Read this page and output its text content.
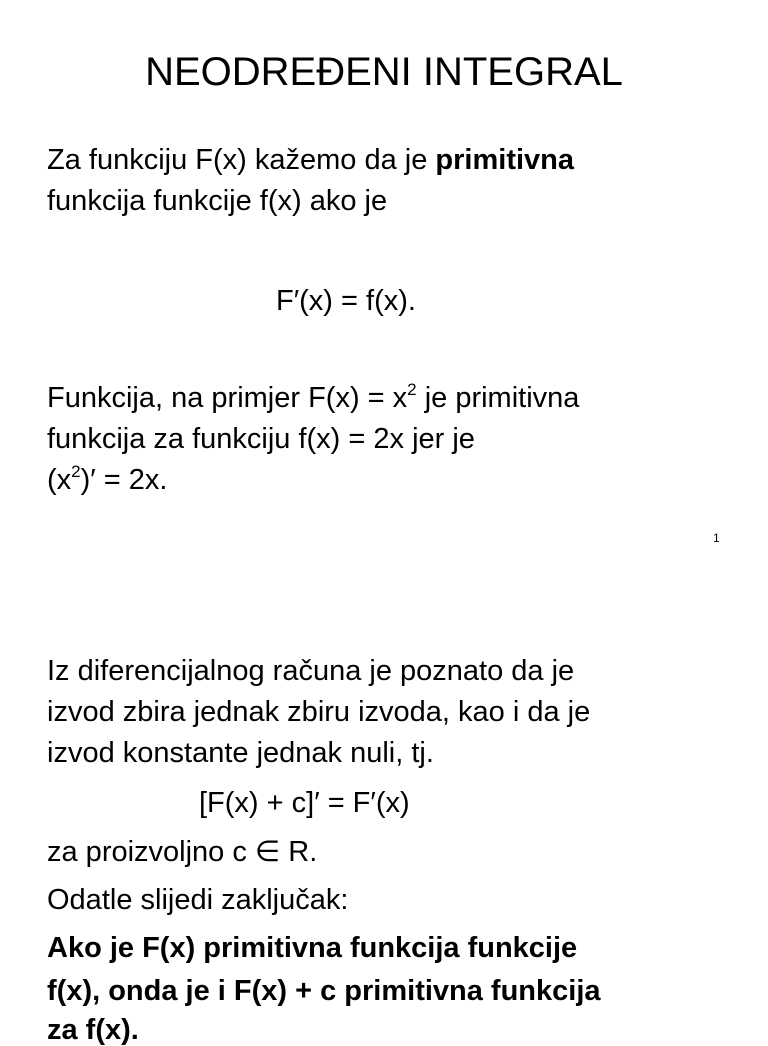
NEODREĐENI INTEGRAL
Za funkciju F(x) kažemo da je primitivna
funkcija funkcije f(x) ako je
F′(x) = f(x).
Funkcija, na primjer $F(x) = x^2$ je primitivna
funkcija za funkciju f(x) = 2x jer je
$(x^2)' = 2x$.
1
Iz diferencijalnog računa je poznato da je
izvod zbira jednak zbiru izvoda, kao i da je
izvod konstante jednak nuli, tj.
[F(x) + c]′ = F′(x)
za proizvoljno c ∈ R.
Odatle slijedi zaključak:
Ako je F(x) primitivna funkcija funkcije
f(x), onda je i F(x) + c primitivna funkcija
za f(x).
